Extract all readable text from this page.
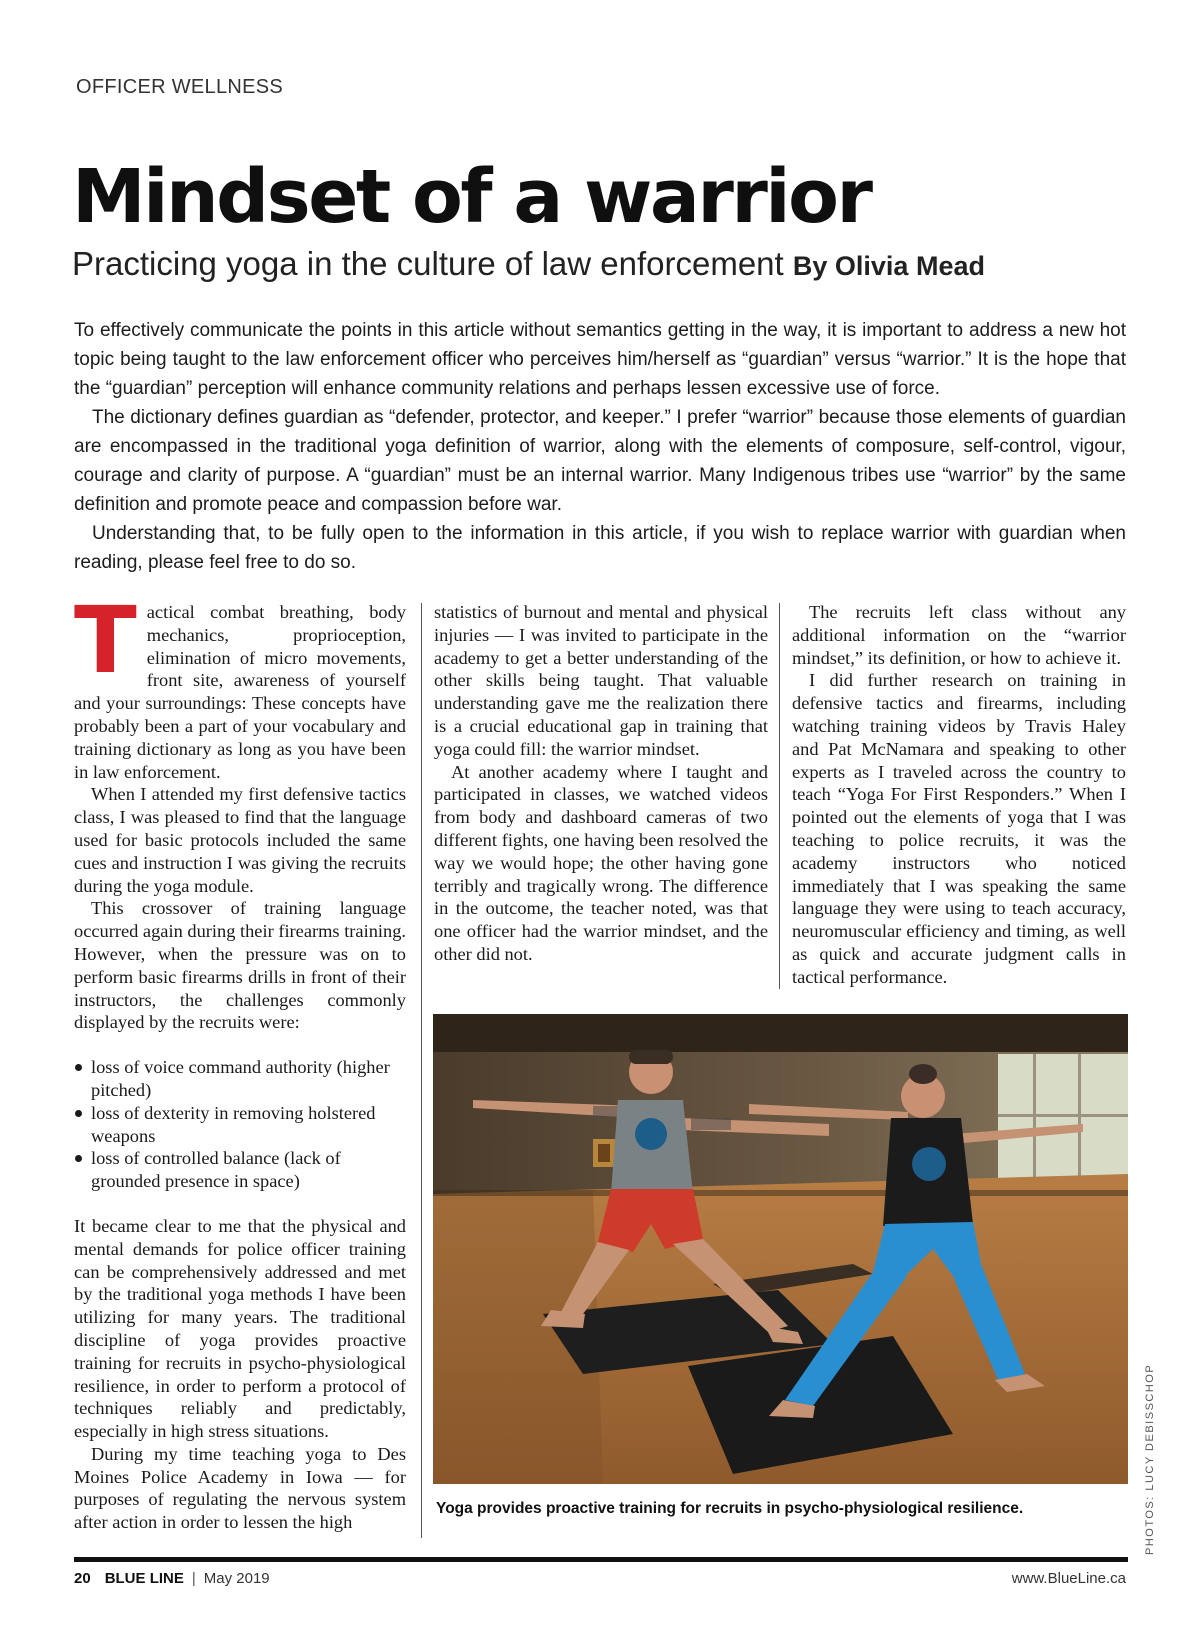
OFFICER WELLNESS
Mindset of a warrior
Practicing yoga in the culture of law enforcement By Olivia Mead

To effectively communicate the points in this article without semantics getting in the way, it is important to address a new hot topic being taught to the law enforcement officer who perceives him/herself as “guardian” versus “warrior.” It is the hope that the “guardian” perception will enhance community relations and perhaps lessen excessive use of force.

The dictionary defines guardian as “defender, protector, and keeper.” I prefer “warrior” because those elements of guardian are encompassed in the traditional yoga definition of warrior, along with the elements of composure, self-control, vigour, courage and clarity of purpose. A “guardian” must be an internal warrior. Many Indigenous tribes use “warrior” by the same definition and promote peace and compassion before war.

Understanding that, to be fully open to the information in this article, if you wish to replace warrior with guardian when reading, please feel free to do so.

Tactical combat breathing, body mechanics, proprioception, elimination of micro movements, front site, awareness of yourself and your surroundings: These concepts have probably been a part of your vocabulary and training dictionary as long as you have been in law enforcement.

When I attended my first defensive tactics class, I was pleased to find that the language used for basic protocols included the same cues and instruction I was giving the recruits during the yoga module.

This crossover of training language occurred again during their firearms training. However, when the pressure was on to perform basic firearms drills in front of their instructors, the challenges commonly displayed by the recruits were:

loss of voice command authority (higher pitched)
loss of dexterity in removing holstered weapons
loss of controlled balance (lack of grounded presence in space)

It became clear to me that the physical and mental demands for police officer training can be comprehensively addressed and met by the traditional yoga methods I have been utilizing for many years. The traditional discipline of yoga provides proactive training for recruits in psycho-physiological resilience, in order to perform a protocol of techniques reliably and predictably, especially in high stress situations.

During my time teaching yoga to Des Moines Police Academy in Iowa — for purposes of regulating the nervous system after action in order to lessen the high

statistics of burnout and mental and physical injuries — I was invited to participate in the academy to get a better understanding of the other skills being taught. That valuable understanding gave me the realization there is a crucial educational gap in training that yoga could fill: the warrior mindset.

At another academy where I taught and participated in classes, we watched videos from body and dashboard cameras of two different fights, one having been resolved the way we would hope; the other having gone terribly and tragically wrong. The difference in the outcome, the teacher noted, was that one officer had the warrior mindset, and the other did not.

The recruits left class without any additional information on the “warrior mindset,” its definition, or how to achieve it.

I did further research on training in defensive tactics and firearms, including watching training videos by Travis Haley and Pat McNamara and speaking to other experts as I traveled across the country to teach “Yoga For First Responders.” When I pointed out the elements of yoga that I was teaching to police recruits, it was the academy instructors who noticed immediately that I was speaking the same language they were using to teach accuracy, neuromuscular efficiency and timing, as well as quick and accurate judgment calls in tactical performance.

Yoga provides proactive training for recruits in psycho-physiological resilience.	PHOTOS: LUCY DEBISSCHOP
20 BLUE LINE | May 2019	www.BlueLine.ca
